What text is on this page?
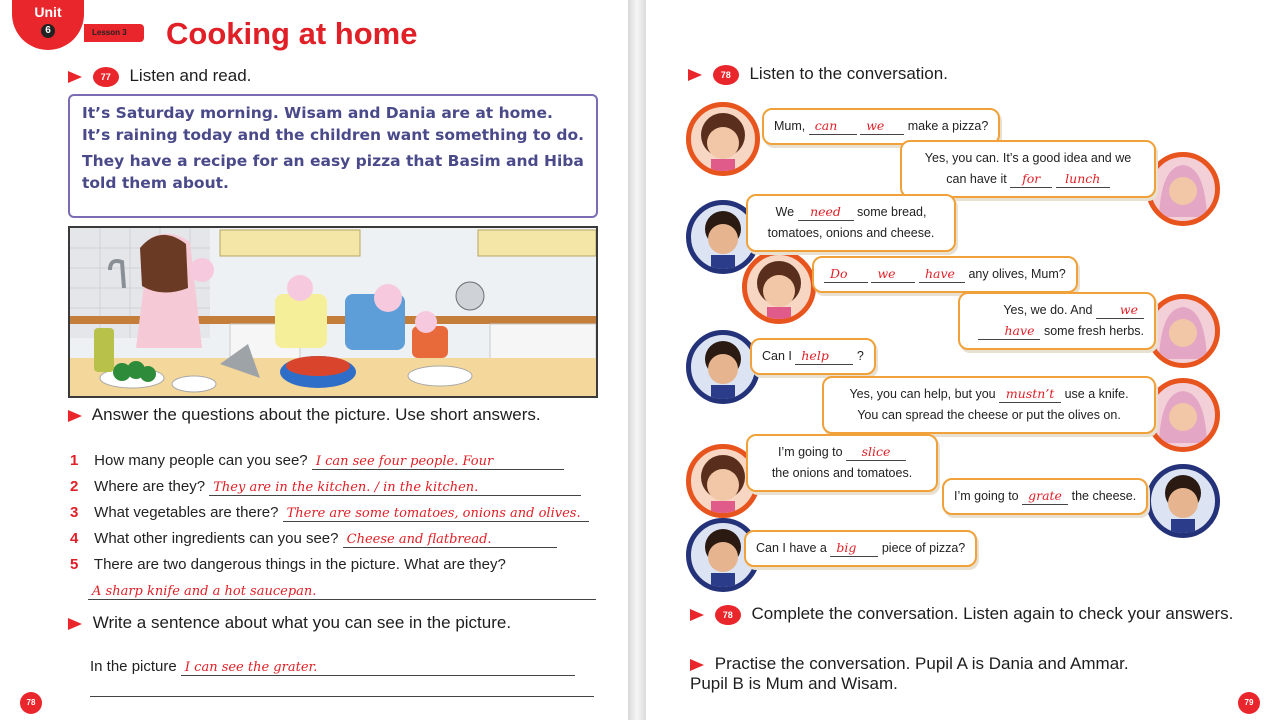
Unit
6	Lesson 3	Cooking at home
77 Listen and read.

It’s Saturday morning. Wisam and Dania are at home. It’s raining today and the children want something to do.

They have a recipe for an easy pizza that Basim and Hiba told them about.

Answer the questions about the picture. Use short answers.
1 How many people can you see? I can see four people. Four
2 Where are they? They are in the kitchen. / in the kitchen.
3 What vegetables are there? There are some tomatoes, onions and olives.
4 What other ingredients can you see? Cheese and flatbread.
5 There are two dangerous things in the picture. What are they?
A sharp knife and a hot saucepan.
Write a sentence about what you can see in the picture.
In the picture I can see the grater.
78
78 Listen to the conversation.
Mum, can we make a pizza?
Yes, you can. It’s a good idea and we
can have it for lunch
We need some bread,
tomatoes, onions and cheese.
Do we have any olives, Mum?
Yes, we do. And we
have some fresh herbs.
Can I help ?
Yes, you can help, but you mustn’t use a knife.
You can spread the cheese or put the olives on.
I’m going to slice
the onions and tomatoes.
I’m going to grate the cheese.
Can I have a big piece of pizza?
78 Complete the conversation. Listen again to check your answers.
Practise the conversation. Pupil A is Dania and Ammar. Pupil B is Mum and Wisam.
79
